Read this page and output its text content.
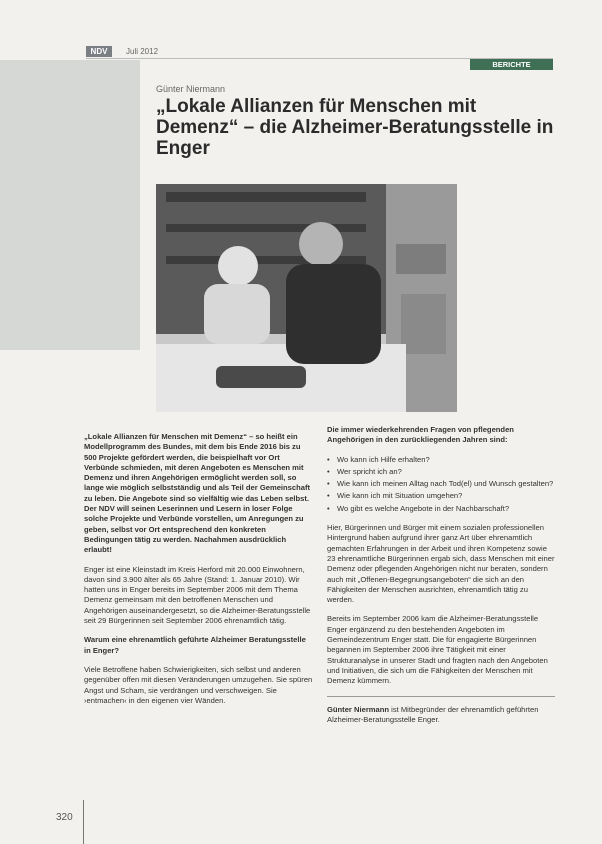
NDV	Juli 2012
BERICHTE
Günter Niermann
„Lokale Allianzen für Menschen mit Demenz“ – die Alzheimer-Beratungsstelle in Enger

„Lokale Allianzen für Menschen mit Demenz“ – so heißt ein Modellprogramm des Bundes, mit dem bis Ende 2016 bis zu 500 Projekte gefördert werden, die beispielhaft vor Ort Verbünde schmieden, mit deren Angeboten es Menschen mit Demenz und ihren Angehörigen ermöglicht werden soll, so lange wie möglich selbstständig und als Teil der Gemeinschaft zu leben. Die Angebote sind so vielfältig wie das Leben selbst. Der NDV will seinen Leserinnen und Lesern in loser Folge solche Projekte und Verbünde vorstellen, um Anregungen zu geben, selbst vor Ort entsprechend den konkreten Bedingungen tätig zu werden. Nachahmen ausdrücklich erlaubt!

Enger ist eine Kleinstadt im Kreis Herford mit 20.000 Einwohnern, davon sind 3.900 älter als 65 Jahre (Stand: 1. Januar 2010). Wir hatten uns in Enger bereits im September 2006 mit dem Thema Demenz gemeinsam mit den betroffenen Menschen und Angehörigen auseinandergesetzt, so die Alzheimer-Beratungsstelle seit 29 Bürgerinnen seit September 2006 ehrenamtlich tätig.

Warum eine ehrenamtlich geführte Alzheimer Beratungsstelle in Enger?

Viele Betroffene haben Schwierigkeiten, sich selbst und anderen gegenüber offen mit diesen Veränderungen umzugehen. Sie spüren Angst und Scham, sie verdrängen und verschweigen. Sie ›entmachen‹ in den eigenen vier Wänden.

Die immer wiederkehrenden Fragen von pflegenden Angehörigen in den zurückliegenden Jahren sind:

• Wo kann ich Hilfe erhalten?
• Wer spricht ich an?
• Wie kann ich meinen Alltag nach Tod(el) und Wunsch gestalten?
• Wie kann ich mit Situation umgehen?
• Wo gibt es welche Angebote in der Nachbarschaft?

Hier, Bürgerinnen und Bürger mit einem sozialen professionellen Hintergrund haben aufgrund ihrer ganz Art über ehrenamtlich gemachten Erfahrungen in der Arbeit und ihren Kompetenz sowie 23 ehrenamtliche Bürgerinnen ergab sich, dass Menschen mit einer Demenz oder pflegenden Angehörigen nicht nur beraten, sondern auch mit „Offenen-Begegnungsangeboten“ die sich an den Fähigkeiten der Menschen ausrichten, ehrenamtlich tätig zu werden.

Bereits im September 2006 kam die Alzheimer-Beratungsstelle Enger ergänzend zu den bestehenden Angeboten im Gemeindezentrum Enger statt. Die für engagierte Bürgerinnen begannen im September 2006 ihre Tätigkeit mit einer Strukturanalyse in unserer Stadt und fragten nach den Angeboten und Initiativen, die sich um die Fähigkeiten der Menschen mit Demenz kümmern.

Günter Niermann ist Mitbegründer der ehrenamtlich geführten Alzheimer-Beratungsstelle Enger.

320
